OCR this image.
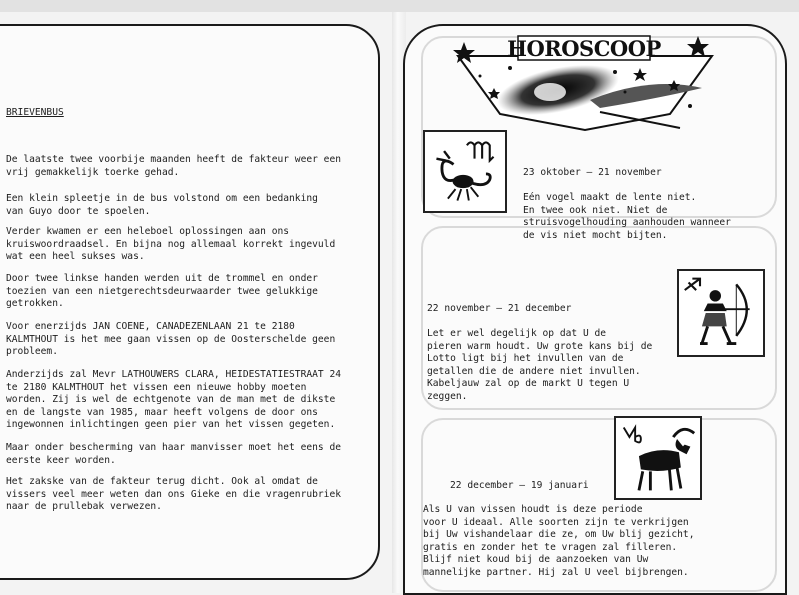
BRIEVENBUS
De laatste twee voorbije maanden heeft de fakteur weer een
vrij gemakkelijk toerke gehad.
Een klein spleetje in de bus volstond om een bedanking
van Guyo door te spoelen.
Verder kwamen er een heleboel oplossingen aan ons
kruiswoordraadsel. En bijna nog allemaal korrekt ingevuld
wat een heel sukses was.
Door twee linkse handen werden uit de trommel en onder
toezien van een nietgerechtsdeurwaarder twee gelukkige
getrokken.
Voor enerzijds JAN COENE, CANADEZENLAAN 21 te 2180
KALMTHOUT is het mee gaan vissen op de Oosterschelde geen
probleem.
Anderzijds zal Mevr LATHOUWERS CLARA, HEIDESTATIESTRAAT 24
te 2180 KALMTHOUT het vissen een nieuwe hobby moeten
worden. Zij is wel de echtgenote van de man met de dikste
en de langste van 1985, maar heeft volgens de door ons
ingewonnen inlichtingen geen pier van het vissen gegeten.
Maar onder bescherming van haar manvisser moet het eens de
eerste keer worden.
Het zakske van de fakteur terug dicht. Ook al omdat de
vissers veel meer weten dan ons Gieke en die vragenrubriek
naar de prullebak verwezen.
HOROSCOOP
23 oktober – 21 november
Eén vogel maakt de lente niet.
En twee ook niet. Niet de
struisvogelhouding aanhouden wanneer
de vis niet mocht bijten.
22 november – 21 december
Let er wel degelijk op dat U de
pieren warm houdt. Uw grote kans bij de
Lotto ligt bij het invullen van de
getallen die de andere niet invullen.
Kabeljauw zal op de markt U tegen U
zeggen.
22 december – 19 januari
Als U van vissen houdt is deze periode
voor U ideaal. Alle soorten zijn te verkrijgen
bij Uw vishandelaar die ze, om Uw blij gezicht,
gratis en zonder het te vragen zal filleren.
Blijf niet koud bij de aanzoeken van Uw
mannelijke partner. Hij zal U veel bijbrengen.
